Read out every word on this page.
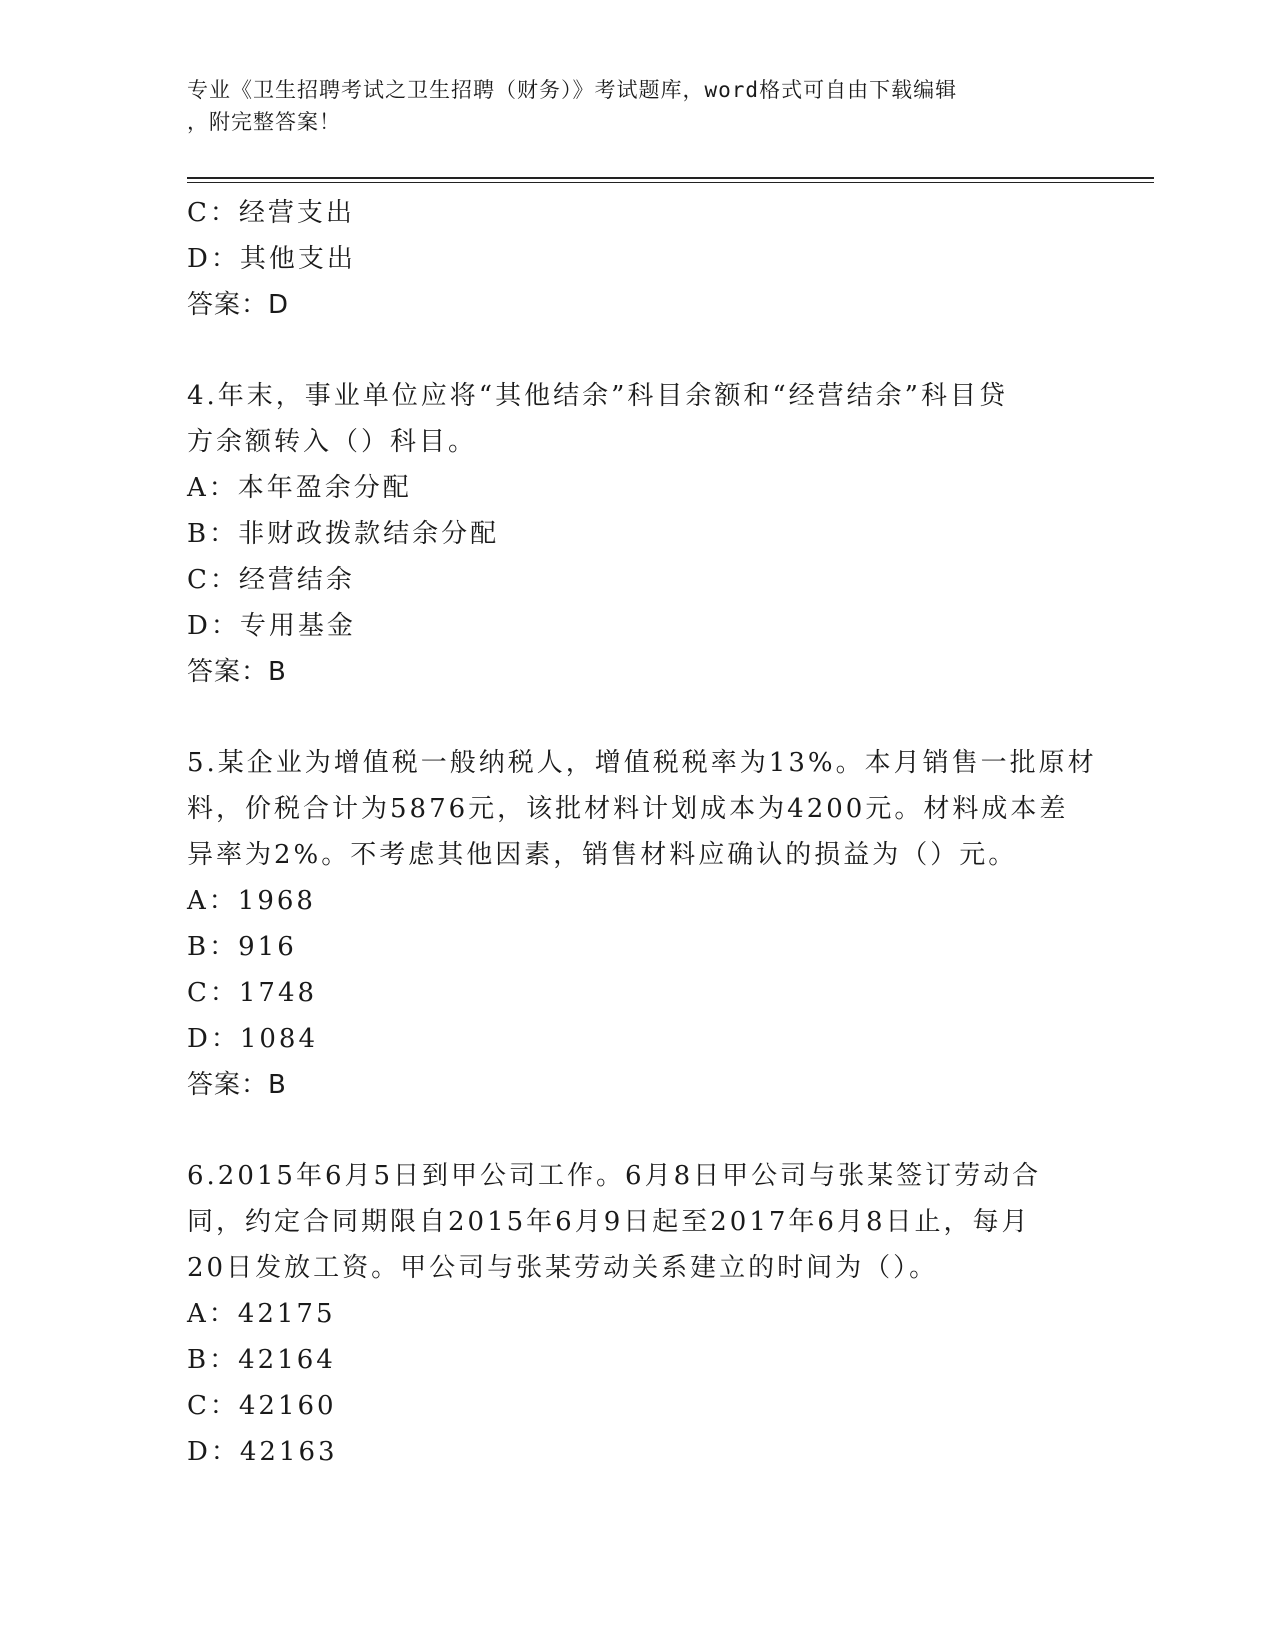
专业《卫生招聘考试之卫生招聘（财务）》考试题库，word格式可自由下载编辑
，附完整答案！
C：经营支出
D：其他支出
答案：D
4.年末，事业单位应将“其他结余”科目余额和“经营结余”科目贷
方余额转入（）科目。
A：本年盈余分配
B：非财政拨款结余分配
C：经营结余
D：专用基金
答案：B
5.某企业为增值税一般纳税人，增值税税率为13%。本月销售一批原材
料，价税合计为5876元，该批材料计划成本为4200元。材料成本差
异率为2%。不考虑其他因素，销售材料应确认的损益为（）元。
A：1968
B：916
C：1748
D：1084
答案：B
6.2015年6月5日到甲公司工作。6月8日甲公司与张某签订劳动合
同，约定合同期限自2015年6月9日起至2017年6月8日止，每月
20日发放工资。甲公司与张某劳动关系建立的时间为（）。
A：42175
B：42164
C：42160
D：42163
